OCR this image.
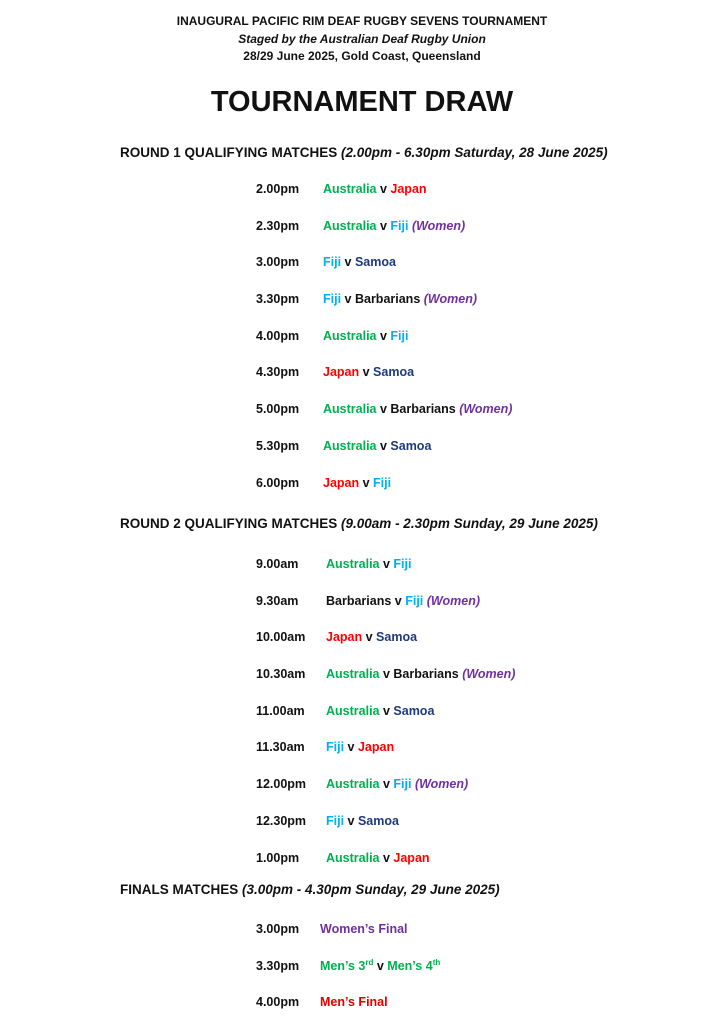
INAUGURAL PACIFIC RIM DEAF RUGBY SEVENS TOURNAMENT
Staged by the Australian Deaf Rugby Union
28/29 June 2025, Gold Coast, Queensland
TOURNAMENT DRAW
ROUND 1 QUALIFYING MATCHES (2.00pm - 6.30pm Saturday, 28 June 2025)
2.00pm Australia v Japan
2.30pm Australia v Fiji (Women)
3.00pm Fiji v Samoa
3.30pm Fiji v Barbarians (Women)
4.00pm Australia v Fiji
4.30pm Japan v Samoa
5.00pm Australia v Barbarians (Women)
5.30pm Australia v Samoa
6.00pm Japan v Fiji
ROUND 2 QUALIFYING MATCHES (9.00am - 2.30pm Sunday, 29 June 2025)
9.00am Australia v Fiji
9.30am Barbarians v Fiji (Women)
10.00am Japan v Samoa
10.30am Australia v Barbarians (Women)
11.00am Australia v Samoa
11.30am Fiji v Japan
12.00pm Australia v Fiji (Women)
12.30pm Fiji v Samoa
1.00pm Australia v Japan
FINALS MATCHES (3.00pm - 4.30pm Sunday, 29 June 2025)
3.00pm Women’s Final
3.30pm Men’s 3rd v Men’s 4th
4.00pm Men’s Final
